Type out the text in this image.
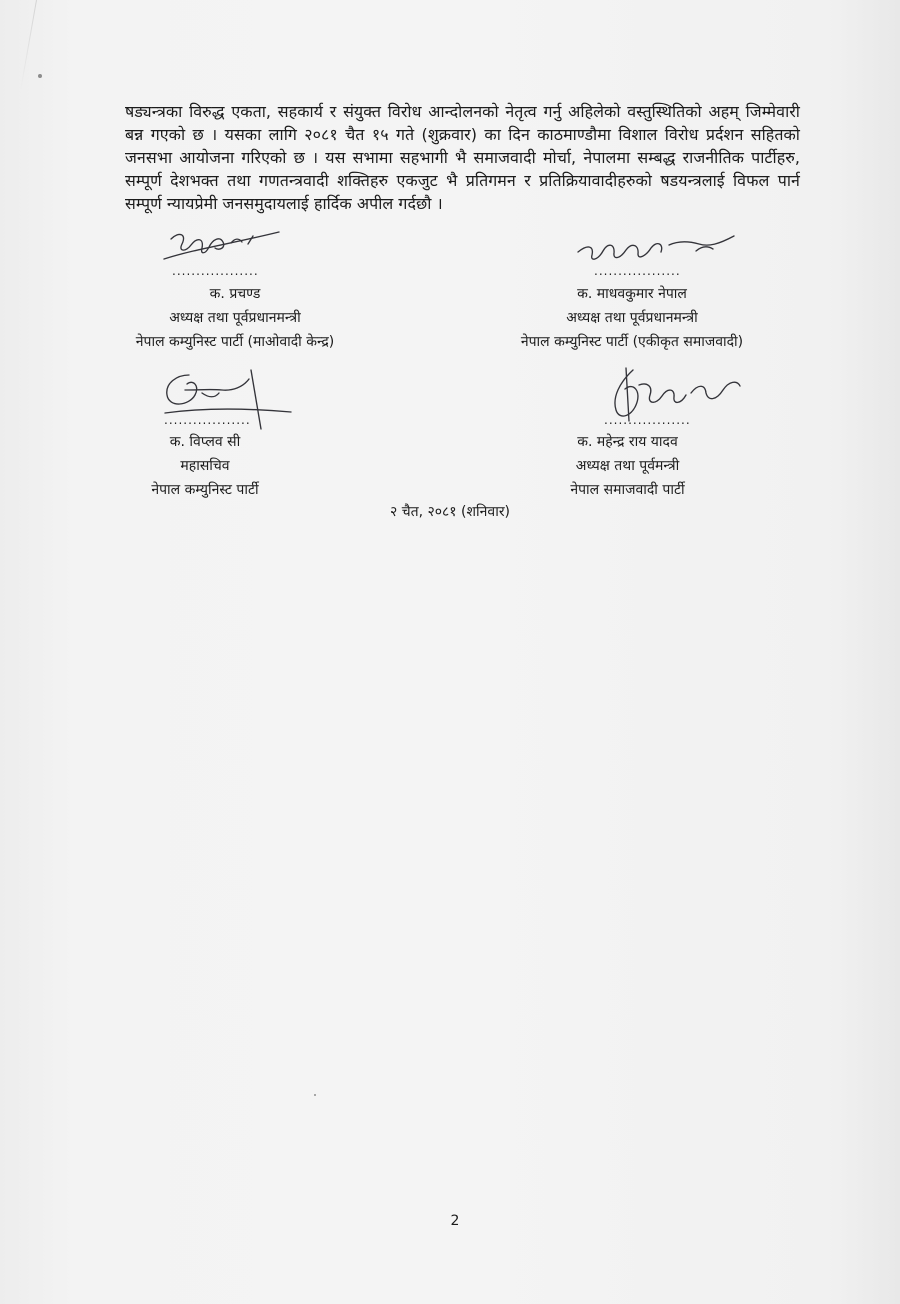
षड्यन्त्रका विरुद्ध एकता, सहकार्य र संयुक्त विरोध आन्दोलनको नेतृत्व गर्नु अहिलेको वस्तुस्थितिको अहम् जिम्मेवारी बन्न गएको छ । यसका लागि २०८१ चैत १५ गते (शुक्रवार) का दिन काठमाण्डौमा विशाल विरोध प्रर्दशन सहितको जनसभा आयोजना गरिएको छ । यस सभामा सहभागी भै समाजवादी मोर्चा, नेपालमा सम्बद्ध राजनीतिक पार्टीहरु, सम्पूर्ण देशभक्त तथा गणतन्त्रवादी शक्तिहरु एकजुट भै प्रतिगमन र प्रतिक्रियावादीहरुको षडयन्त्रलाई विफल पार्न सम्पूर्ण न्यायप्रेमी जनसमुदायलाई हार्दिक अपील गर्दछौ ।

..................
क. प्रचण्ड
अध्यक्ष तथा पूर्वप्रधानमन्त्री
नेपाल कम्युनिस्ट पार्टी (माओवादी केन्द्र)
..................
क. माधवकुमार नेपाल
अध्यक्ष तथा पूर्वप्रधानमन्त्री
नेपाल कम्युनिस्ट पार्टी (एकीकृत समाजवादी)
..................
क. विप्लव सी
महासचिव
नेपाल कम्युनिस्ट पार्टी
..................
क. महेन्द्र राय यादव
अध्यक्ष तथा पूर्वमन्त्री
नेपाल समाजवादी पार्टी
२ चैत, २०८१ (शनिवार)
2
